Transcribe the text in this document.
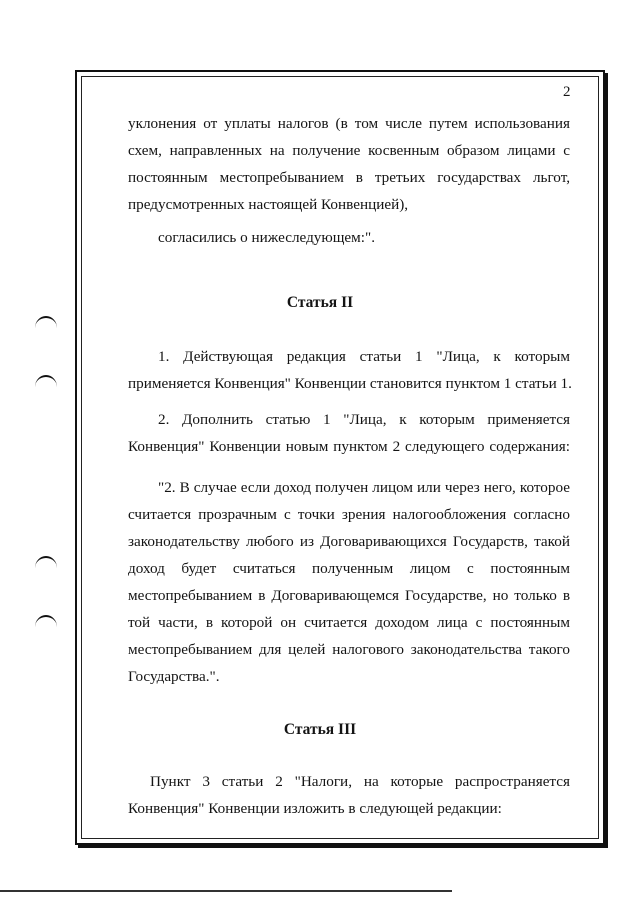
2
уклонения от уплаты налогов (в том числе путем использования
схем, направленных на получение косвенным образом лицами с
постоянным местопребыванием в третьих государствах льгот,
предусмотренных настоящей Конвенцией),
согласились о нижеследующем:".
Статья II
1. Действующая редакция статьи 1 "Лица, к которым
применяется Конвенция" Конвенции становится пунктом 1 статьи 1.
2. Дополнить статью 1 "Лица, к которым применяется
Конвенция" Конвенции новым пунктом 2 следующего содержания:
"2. В случае если доход получен лицом или через него, которое
считается прозрачным с точки зрения налогообложения согласно
законодательству любого из Договаривающихся Государств, такой
доход будет считаться полученным лицом с постоянным
местопребыванием в Договаривающемся Государстве, но только в
той части, в которой он считается доходом лица с постоянным
местопребыванием для целей налогового законодательства такого
Государства.".
Статья III
Пункт 3 статьи 2 "Налоги, на которые распространяется
Конвенция" Конвенции изложить в следующей редакции:
